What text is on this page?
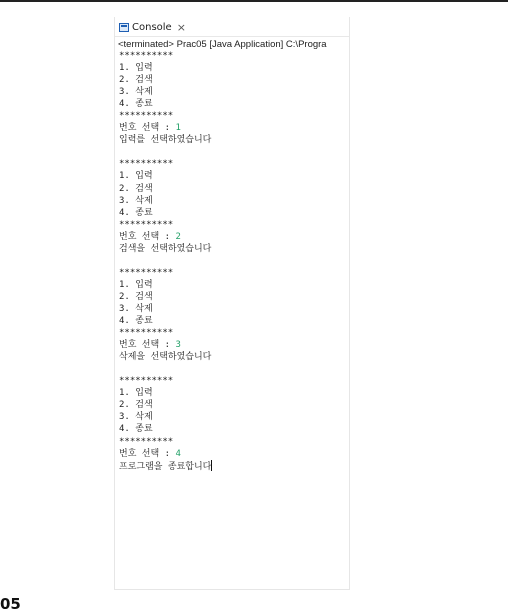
Console ×
<terminated> Prac05 [Java Application] C:\Progra
**********
1. 입력
2. 검색
3. 삭제
4. 종료
**********
번호 선택 : 1
입력를 선택하였습니다
**********
1. 입력
2. 검색
3. 삭제
4. 종료
**********
번호 선택 : 2
검색을 선택하였습니다
**********
1. 입력
2. 검색
3. 삭제
4. 종료
**********
번호 선택 : 3
삭제을 선택하였습니다
**********
1. 입력
2. 검색
3. 삭제
4. 종료
**********
번호 선택 : 4
프로그램을 종료합니다
05
